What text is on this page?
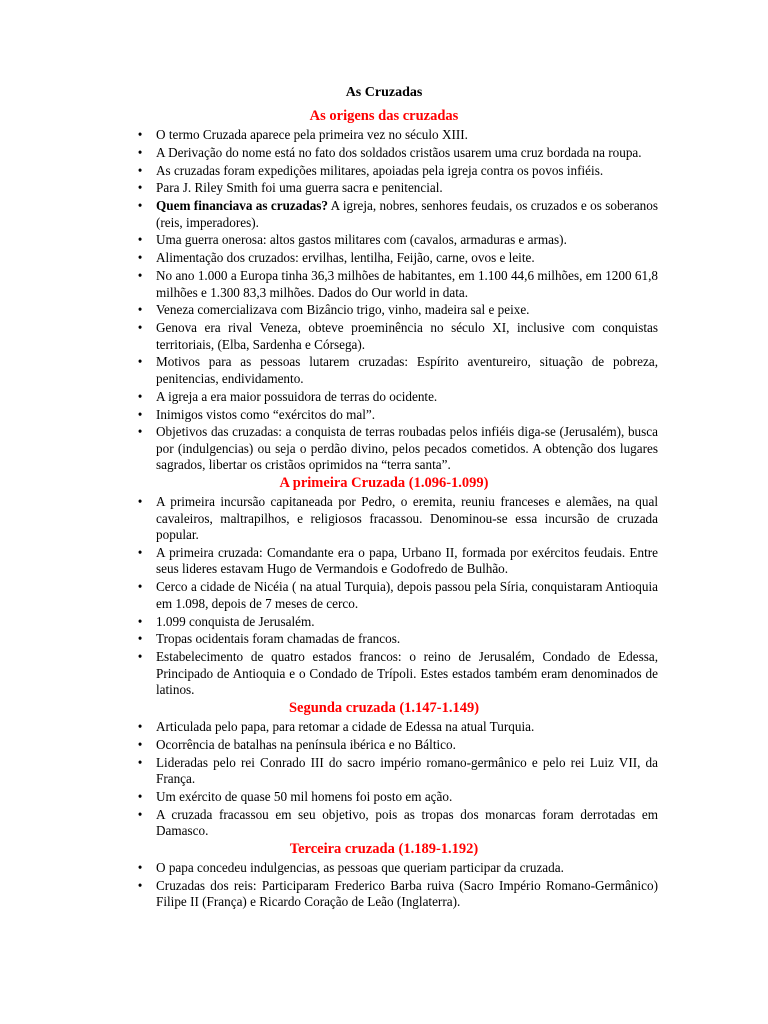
As Cruzadas
As origens das cruzadas
• O termo Cruzada aparece pela primeira vez no século XIII.
• A Derivação do nome está no fato dos soldados cristãos usarem uma cruz bordada na roupa.
• As cruzadas foram expedições militares, apoiadas pela igreja contra os povos infiéis.
• Para J. Riley Smith foi uma guerra sacra e penitencial.
• Quem financiava as cruzadas? A igreja, nobres, senhores feudais, os cruzados e os soberanos (reis, imperadores).
• Uma guerra onerosa: altos gastos militares com (cavalos, armaduras e armas).
• Alimentação dos cruzados: ervilhas, lentilha, Feijão, carne, ovos e leite.
• No ano 1.000 a Europa tinha 36,3 milhões de habitantes, em 1.100 44,6 milhões, em 1200 61,8 milhões e 1.300 83,3 milhões. Dados do Our world in data.
• Veneza comercializava com Bizâncio trigo, vinho, madeira sal e peixe.
• Genova era rival Veneza, obteve proeminência no século XI, inclusive com conquistas territoriais, (Elba, Sardenha e Córsega).
• Motivos para as pessoas lutarem cruzadas: Espírito aventureiro, situação de pobreza, penitencias, endividamento.
• A igreja a era maior possuidora de terras do ocidente.
• Inimigos vistos como “exércitos do mal”.
• Objetivos das cruzadas: a conquista de terras roubadas pelos infiéis diga-se (Jerusalém), busca por (indulgencias) ou seja o perdão divino, pelos pecados cometidos. A obtenção dos lugares sagrados, libertar os cristãos oprimidos na “terra santa”.
A primeira Cruzada (1.096-1.099)
• A primeira incursão capitaneada por Pedro, o eremita, reuniu franceses e alemães, na qual cavaleiros, maltrapilhos, e religiosos fracassou. Denominou-se essa incursão de cruzada popular.
• A primeira cruzada: Comandante era o papa, Urbano II, formada por exércitos feudais. Entre seus lideres estavam Hugo de Vermandois e Godofredo de Bulhão.
• Cerco a cidade de Nicéia ( na atual Turquia), depois passou pela Síria, conquistaram Antioquia em 1.098, depois de 7 meses de cerco.
• 1.099 conquista de Jerusalém.
• Tropas ocidentais foram chamadas de francos.
• Estabelecimento de quatro estados francos: o reino de Jerusalém, Condado de Edessa, Principado de Antioquia e o Condado de Trípoli. Estes estados também eram denominados de latinos.
Segunda cruzada (1.147-1.149)
• Articulada pelo papa, para retomar a cidade de Edessa na atual Turquia.
• Ocorrência de batalhas na península ibérica e no Báltico.
• Lideradas pelo rei Conrado III do sacro império romano-germânico e pelo rei Luiz VII, da França.
• Um exército de quase 50 mil homens foi posto em ação.
• A cruzada fracassou em seu objetivo, pois as tropas dos monarcas foram derrotadas em Damasco.
Terceira cruzada (1.189-1.192)
• O papa concedeu indulgencias, as pessoas que queriam participar da cruzada.
• Cruzadas dos reis: Participaram Frederico Barba ruiva (Sacro Império Romano-Germânico) Filipe II (França) e Ricardo Coração de Leão (Inglaterra).
